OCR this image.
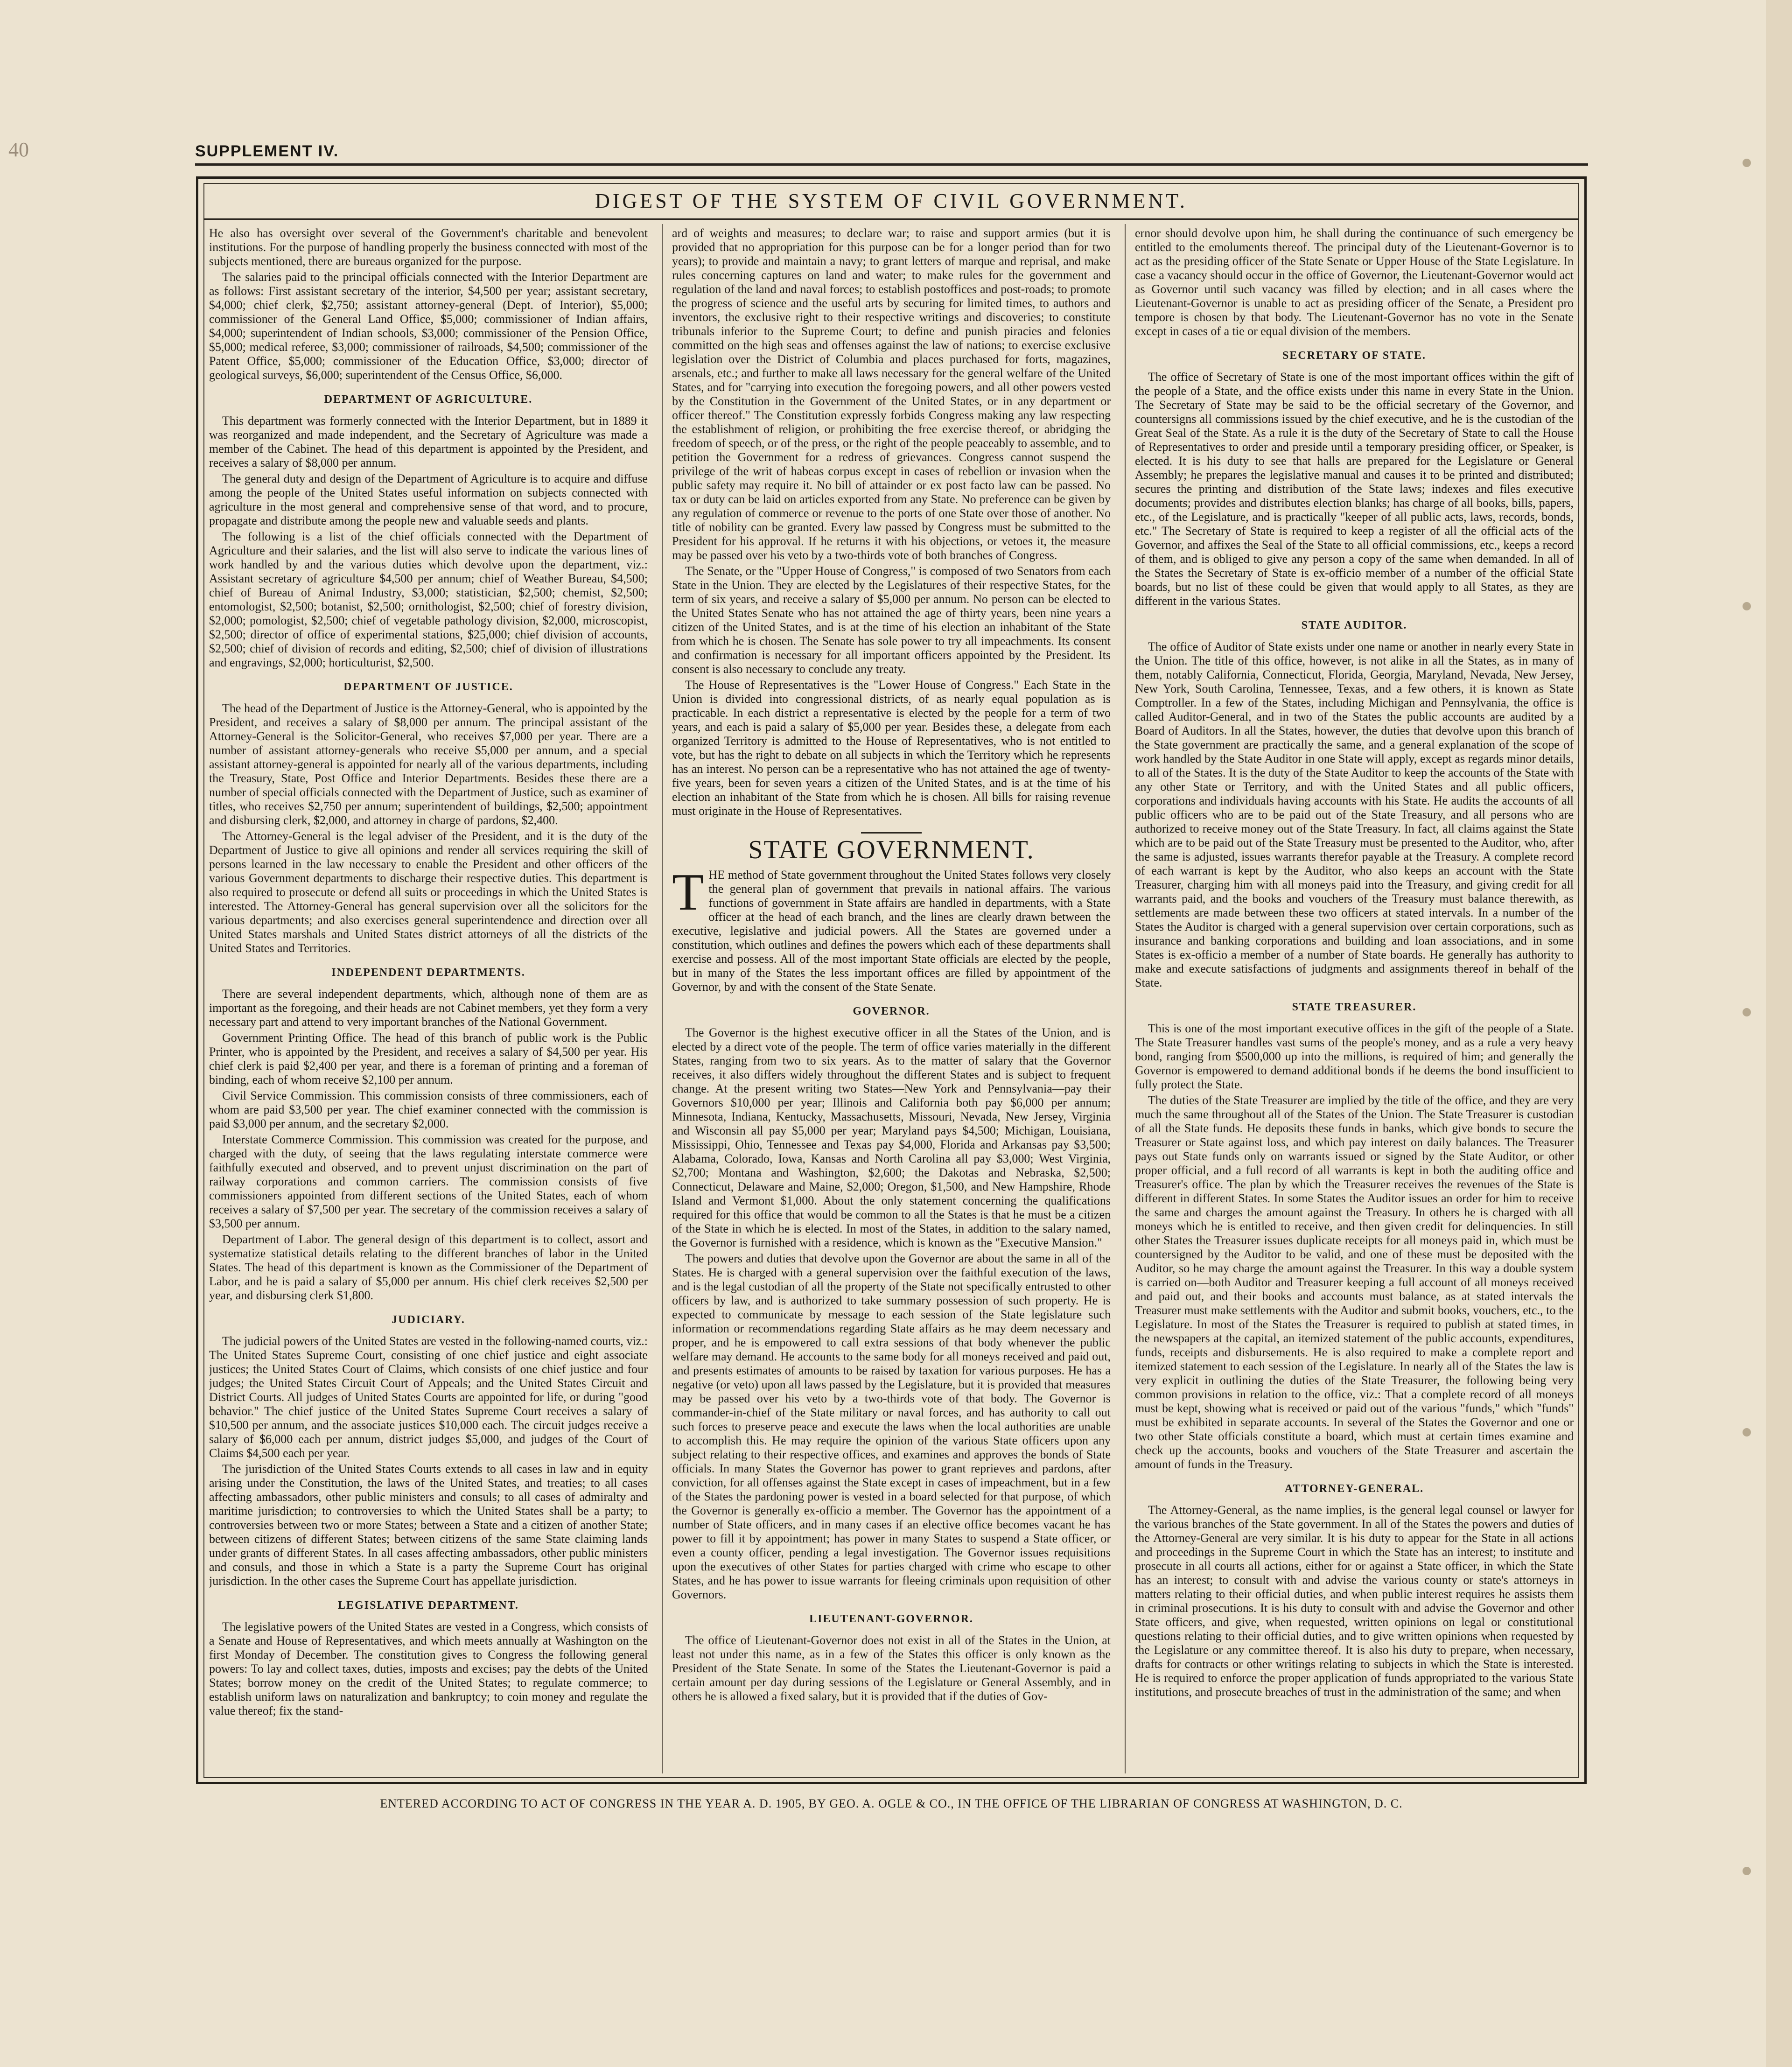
40	SUPPLEMENT IV.
DIGEST OF THE SYSTEM OF CIVIL GOVERNMENT.

He also has oversight over several of the Government's charitable and benevolent institutions. For the purpose of handling properly the business connected with most of the subjects mentioned, there are bureaus organized for the purpose.

The salaries paid to the principal officials connected with the Interior Department are as follows: First assistant secretary of the interior, $4,500 per year; assistant secretary, $4,000; chief clerk, $2,750; assistant attorney-general (Dept. of Interior), $5,000; commissioner of the General Land Office, $5,000; commissioner of Indian affairs, $4,000; superintendent of Indian schools, $3,000; commissioner of the Pension Office, $5,000; medical referee, $3,000; commissioner of railroads, $4,500; commissioner of the Patent Office, $5,000; commissioner of the Education Office, $3,000; director of geological surveys, $6,000; superintendent of the Census Office, $6,000.

DEPARTMENT OF AGRICULTURE.

This department was formerly connected with the Interior Department, but in 1889 it was reorganized and made independent, and the Secretary of Agriculture was made a member of the Cabinet. The head of this department is appointed by the President, and receives a salary of $8,000 per annum.

The general duty and design of the Department of Agriculture is to acquire and diffuse among the people of the United States useful information on subjects connected with agriculture in the most general and comprehensive sense of that word, and to procure, propagate and distribute among the people new and valuable seeds and plants.

The following is a list of the chief officials connected with the Department of Agriculture and their salaries, and the list will also serve to indicate the various lines of work handled by and the various duties which devolve upon the department, viz.: Assistant secretary of agriculture $4,500 per annum; chief of Weather Bureau, $4,500; chief of Bureau of Animal Industry, $3,000; statistician, $2,500; chemist, $2,500; entomologist, $2,500; botanist, $2,500; ornithologist, $2,500; chief of forestry division, $2,000; pomologist, $2,500; chief of vegetable pathology division, $2,000, microscopist, $2,500; director of office of experimental stations, $25,000; chief division of accounts, $2,500; chief of division of records and editing, $2,500; chief of division of illustrations and engravings, $2,000; horticulturist, $2,500.

DEPARTMENT OF JUSTICE.

The head of the Department of Justice is the Attorney-General, who is appointed by the President, and receives a salary of $8,000 per annum. The principal assistant of the Attorney-General is the Solicitor-General, who receives $7,000 per year. There are a number of assistant attorney-generals who receive $5,000 per annum, and a special assistant attorney-general is appointed for nearly all of the various departments, including the Treasury, State, Post Office and Interior Departments. Besides these there are a number of special officials connected with the Department of Justice, such as examiner of titles, who receives $2,750 per annum; superintendent of buildings, $2,500; appointment and disbursing clerk, $2,000, and attorney in charge of pardons, $2,400.

The Attorney-General is the legal adviser of the President, and it is the duty of the Department of Justice to give all opinions and render all services requiring the skill of persons learned in the law necessary to enable the President and other officers of the various Government departments to discharge their respective duties. This department is also required to prosecute or defend all suits or proceedings in which the United States is interested. The Attorney-General has general supervision over all the solicitors for the various departments; and also exercises general superintendence and direction over all United States marshals and United States district attorneys of all the districts of the United States and Territories.

INDEPENDENT DEPARTMENTS.

There are several independent departments, which, although none of them are as important as the foregoing, and their heads are not Cabinet members, yet they form a very necessary part and attend to very important branches of the National Government.

Government Printing Office. The head of this branch of public work is the Public Printer, who is appointed by the President, and receives a salary of $4,500 per year. His chief clerk is paid $2,400 per year, and there is a foreman of printing and a foreman of binding, each of whom receive $2,100 per annum.

Civil Service Commission. This commission consists of three commissioners, each of whom are paid $3,500 per year. The chief examiner connected with the commission is paid $3,000 per annum, and the secretary $2,000.

Interstate Commerce Commission. This commission was created for the purpose, and charged with the duty, of seeing that the laws regulating interstate commerce were faithfully executed and observed, and to prevent unjust discrimination on the part of railway corporations and common carriers. The commission consists of five commissioners appointed from different sections of the United States, each of whom receives a salary of $7,500 per year. The secretary of the commission receives a salary of $3,500 per annum.

Department of Labor. The general design of this department is to collect, assort and systematize statistical details relating to the different branches of labor in the United States. The head of this department is known as the Commissioner of the Department of Labor, and he is paid a salary of $5,000 per annum. His chief clerk receives $2,500 per year, and disbursing clerk $1,800.

JUDICIARY.

The judicial powers of the United States are vested in the following-named courts, viz.: The United States Supreme Court, consisting of one chief justice and eight associate justices; the United States Court of Claims, which consists of one chief justice and four judges; the United States Circuit Court of Appeals; and the United States Circuit and District Courts. All judges of United States Courts are appointed for life, or during "good behavior." The chief justice of the United States Supreme Court receives a salary of $10,500 per annum, and the associate justices $10,000 each. The circuit judges receive a salary of $6,000 each per annum, district judges $5,000, and judges of the Court of Claims $4,500 each per year.

The jurisdiction of the United States Courts extends to all cases in law and in equity arising under the Constitution, the laws of the United States, and treaties; to all cases affecting ambassadors, other public ministers and consuls; to all cases of admiralty and maritime jurisdiction; to controversies to which the United States shall be a party; to controversies between two or more States; between a State and a citizen of another State; between citizens of different States; between citizens of the same State claiming lands under grants of different States. In all cases affecting ambassadors, other public ministers and consuls, and those in which a State is a party the Supreme Court has original jurisdiction. In the other cases the Supreme Court has appellate jurisdiction.

LEGISLATIVE DEPARTMENT.

The legislative powers of the United States are vested in a Congress, which consists of a Senate and House of Representatives, and which meets annually at Washington on the first Monday of December. The constitution gives to Congress the following general powers: To lay and collect taxes, duties, imposts and excises; pay the debts of the United States; borrow money on the credit of the United States; to regulate commerce; to establish uniform laws on naturalization and bankruptcy; to coin money and regulate the value thereof; fix the stand-

ard of weights and measures; to declare war; to raise and support armies (but it is provided that no appropriation for this purpose can be for a longer period than for two years); to provide and maintain a navy; to grant letters of marque and reprisal, and make rules concerning captures on land and water; to make rules for the government and regulation of the land and naval forces; to establish postoffices and post-roads; to promote the progress of science and the useful arts by securing for limited times, to authors and inventors, the exclusive right to their respective writings and discoveries; to constitute tribunals inferior to the Supreme Court; to define and punish piracies and felonies committed on the high seas and offenses against the law of nations; to exercise exclusive legislation over the District of Columbia and places purchased for forts, magazines, arsenals, etc.; and further to make all laws necessary for the general welfare of the United States, and for "carrying into execution the foregoing powers, and all other powers vested by the Constitution in the Government of the United States, or in any department or officer thereof." The Constitution expressly forbids Congress making any law respecting the establishment of religion, or prohibiting the free exercise thereof, or abridging the freedom of speech, or of the press, or the right of the people peaceably to assemble, and to petition the Government for a redress of grievances. Congress cannot suspend the privilege of the writ of habeas corpus except in cases of rebellion or invasion when the public safety may require it. No bill of attainder or ex post facto law can be passed. No tax or duty can be laid on articles exported from any State. No preference can be given by any regulation of commerce or revenue to the ports of one State over those of another. No title of nobility can be granted. Every law passed by Congress must be submitted to the President for his approval. If he returns it with his objections, or vetoes it, the measure may be passed over his veto by a two-thirds vote of both branches of Congress.

The Senate, or the "Upper House of Congress," is composed of two Senators from each State in the Union. They are elected by the Legislatures of their respective States, for the term of six years, and receive a salary of $5,000 per annum. No person can be elected to the United States Senate who has not attained the age of thirty years, been nine years a citizen of the United States, and is at the time of his election an inhabitant of the State from which he is chosen. The Senate has sole power to try all impeachments. Its consent and confirmation is necessary for all important officers appointed by the President. Its consent is also necessary to conclude any treaty.

The House of Representatives is the "Lower House of Congress." Each State in the Union is divided into congressional districts, of as nearly equal population as is practicable. In each district a representative is elected by the people for a term of two years, and each is paid a salary of $5,000 per year. Besides these, a delegate from each organized Territory is admitted to the House of Representatives, who is not entitled to vote, but has the right to debate on all subjects in which the Territory which he represents has an interest. No person can be a representative who has not attained the age of twenty-five years, been for seven years a citizen of the United States, and is at the time of his election an inhabitant of the State from which he is chosen. All bills for raising revenue must originate in the House of Representatives.

STATE GOVERNMENT.

THE method of State government throughout the United States follows very closely the general plan of government that prevails in national affairs. The various functions of government in State affairs are handled in departments, with a State officer at the head of each branch, and the lines are clearly drawn between the executive, legislative and judicial powers. All the States are governed under a constitution, which outlines and defines the powers which each of these departments shall exercise and possess. All of the most important State officials are elected by the people, but in many of the States the less important offices are filled by appointment of the Governor, by and with the consent of the State Senate.

GOVERNOR.

The Governor is the highest executive officer in all the States of the Union, and is elected by a direct vote of the people. The term of office varies materially in the different States, ranging from two to six years. As to the matter of salary that the Governor receives, it also differs widely throughout the different States and is subject to frequent change. At the present writing two States—New York and Pennsylvania—pay their Governors $10,000 per year; Illinois and California both pay $6,000 per annum; Minnesota, Indiana, Kentucky, Massachusetts, Missouri, Nevada, New Jersey, Virginia and Wisconsin all pay $5,000 per year; Maryland pays $4,500; Michigan, Louisiana, Mississippi, Ohio, Tennessee and Texas pay $4,000, Florida and Arkansas pay $3,500; Alabama, Colorado, Iowa, Kansas and North Carolina all pay $3,000; West Virginia, $2,700; Montana and Washington, $2,600; the Dakotas and Nebraska, $2,500; Connecticut, Delaware and Maine, $2,000; Oregon, $1,500, and New Hampshire, Rhode Island and Vermont $1,000. About the only statement concerning the qualifications required for this office that would be common to all the States is that he must be a citizen of the State in which he is elected. In most of the States, in addition to the salary named, the Governor is furnished with a residence, which is known as the "Executive Mansion."

The powers and duties that devolve upon the Governor are about the same in all of the States. He is charged with a general supervision over the faithful execution of the laws, and is the legal custodian of all the property of the State not specifically entrusted to other officers by law, and is authorized to take summary possession of such property. He is expected to communicate by message to each session of the State legislature such information or recommendations regarding State affairs as he may deem necessary and proper, and he is empowered to call extra sessions of that body whenever the public welfare may demand. He accounts to the same body for all moneys received and paid out, and presents estimates of amounts to be raised by taxation for various purposes. He has a negative (or veto) upon all laws passed by the Legislature, but it is provided that measures may be passed over his veto by a two-thirds vote of that body. The Governor is commander-in-chief of the State military or naval forces, and has authority to call out such forces to preserve peace and execute the laws when the local authorities are unable to accomplish this. He may require the opinion of the various State officers upon any subject relating to their respective offices, and examines and approves the bonds of State officials. In many States the Governor has power to grant reprieves and pardons, after conviction, for all offenses against the State except in cases of impeachment, but in a few of the States the pardoning power is vested in a board selected for that purpose, of which the Governor is generally ex-officio a member. The Governor has the appointment of a number of State officers, and in many cases if an elective office becomes vacant he has power to fill it by appointment; has power in many States to suspend a State officer, or even a county officer, pending a legal investigation. The Governor issues requisitions upon the executives of other States for parties charged with crime who escape to other States, and he has power to issue warrants for fleeing criminals upon requisition of other Governors.

LIEUTENANT-GOVERNOR.

The office of Lieutenant-Governor does not exist in all of the States in the Union, at least not under this name, as in a few of the States this officer is only known as the President of the State Senate. In some of the States the Lieutenant-Governor is paid a certain amount per day during sessions of the Legislature or General Assembly, and in others he is allowed a fixed salary, but it is provided that if the duties of Gov-

ernor should devolve upon him, he shall during the continuance of such emergency be entitled to the emoluments thereof. The principal duty of the Lieutenant-Governor is to act as the presiding officer of the State Senate or Upper House of the State Legislature. In case a vacancy should occur in the office of Governor, the Lieutenant-Governor would act as Governor until such vacancy was filled by election; and in all cases where the Lieutenant-Governor is unable to act as presiding officer of the Senate, a President pro tempore is chosen by that body. The Lieutenant-Governor has no vote in the Senate except in cases of a tie or equal division of the members.

SECRETARY OF STATE.

The office of Secretary of State is one of the most important offices within the gift of the people of a State, and the office exists under this name in every State in the Union. The Secretary of State may be said to be the official secretary of the Governor, and countersigns all commissions issued by the chief executive, and he is the custodian of the Great Seal of the State. As a rule it is the duty of the Secretary of State to call the House of Representatives to order and preside until a temporary presiding officer, or Speaker, is elected. It is his duty to see that halls are prepared for the Legislature or General Assembly; he prepares the legislative manual and causes it to be printed and distributed; secures the printing and distribution of the State laws; indexes and files executive documents; provides and distributes election blanks; has charge of all books, bills, papers, etc., of the Legislature, and is practically "keeper of all public acts, laws, records, bonds, etc." The Secretary of State is required to keep a register of all the official acts of the Governor, and affixes the Seal of the State to all official commissions, etc., keeps a record of them, and is obliged to give any person a copy of the same when demanded. In all of the States the Secretary of State is ex-officio member of a number of the official State boards, but no list of these could be given that would apply to all States, as they are different in the various States.

STATE AUDITOR.

The office of Auditor of State exists under one name or another in nearly every State in the Union. The title of this office, however, is not alike in all the States, as in many of them, notably California, Connecticut, Florida, Georgia, Maryland, Nevada, New Jersey, New York, South Carolina, Tennessee, Texas, and a few others, it is known as State Comptroller. In a few of the States, including Michigan and Pennsylvania, the office is called Auditor-General, and in two of the States the public accounts are audited by a Board of Auditors. In all the States, however, the duties that devolve upon this branch of the State government are practically the same, and a general explanation of the scope of work handled by the State Auditor in one State will apply, except as regards minor details, to all of the States. It is the duty of the State Auditor to keep the accounts of the State with any other State or Territory, and with the United States and all public officers, corporations and individuals having accounts with his State. He audits the accounts of all public officers who are to be paid out of the State Treasury, and all persons who are authorized to receive money out of the State Treasury. In fact, all claims against the State which are to be paid out of the State Treasury must be presented to the Auditor, who, after the same is adjusted, issues warrants therefor payable at the Treasury. A complete record of each warrant is kept by the Auditor, who also keeps an account with the State Treasurer, charging him with all moneys paid into the Treasury, and giving credit for all warrants paid, and the books and vouchers of the Treasury must balance therewith, as settlements are made between these two officers at stated intervals. In a number of the States the Auditor is charged with a general supervision over certain corporations, such as insurance and banking corporations and building and loan associations, and in some States is ex-officio a member of a number of State boards. He generally has authority to make and execute satisfactions of judgments and assignments thereof in behalf of the State.

STATE TREASURER.

This is one of the most important executive offices in the gift of the people of a State. The State Treasurer handles vast sums of the people's money, and as a rule a very heavy bond, ranging from $500,000 up into the millions, is required of him; and generally the Governor is empowered to demand additional bonds if he deems the bond insufficient to fully protect the State.

The duties of the State Treasurer are implied by the title of the office, and they are very much the same throughout all of the States of the Union. The State Treasurer is custodian of all the State funds. He deposits these funds in banks, which give bonds to secure the Treasurer or State against loss, and which pay interest on daily balances. The Treasurer pays out State funds only on warrants issued or signed by the State Auditor, or other proper official, and a full record of all warrants is kept in both the auditing office and Treasurer's office. The plan by which the Treasurer receives the revenues of the State is different in different States. In some States the Auditor issues an order for him to receive the same and charges the amount against the Treasury. In others he is charged with all moneys which he is entitled to receive, and then given credit for delinquencies. In still other States the Treasurer issues duplicate receipts for all moneys paid in, which must be countersigned by the Auditor to be valid, and one of these must be deposited with the Auditor, so he may charge the amount against the Treasurer. In this way a double system is carried on—both Auditor and Treasurer keeping a full account of all moneys received and paid out, and their books and accounts must balance, as at stated intervals the Treasurer must make settlements with the Auditor and submit books, vouchers, etc., to the Legislature. In most of the States the Treasurer is required to publish at stated times, in the newspapers at the capital, an itemized statement of the public accounts, expenditures, funds, receipts and disbursements. He is also required to make a complete report and itemized statement to each session of the Legislature. In nearly all of the States the law is very explicit in outlining the duties of the State Treasurer, the following being very common provisions in relation to the office, viz.: That a complete record of all moneys must be kept, showing what is received or paid out of the various "funds," which "funds" must be exhibited in separate accounts. In several of the States the Governor and one or two other State officials constitute a board, which must at certain times examine and check up the accounts, books and vouchers of the State Treasurer and ascertain the amount of funds in the Treasury.

ATTORNEY-GENERAL.

The Attorney-General, as the name implies, is the general legal counsel or lawyer for the various branches of the State government. In all of the States the powers and duties of the Attorney-General are very similar. It is his duty to appear for the State in all actions and proceedings in the Supreme Court in which the State has an interest; to institute and prosecute in all courts all actions, either for or against a State officer, in which the State has an interest; to consult with and advise the various county or state's attorneys in matters relating to their official duties, and when public interest requires he assists them in criminal prosecutions. It is his duty to consult with and advise the Governor and other State officers, and give, when requested, written opinions on legal or constitutional questions relating to their official duties, and to give written opinions when requested by the Legislature or any committee thereof. It is also his duty to prepare, when necessary, drafts for contracts or other writings relating to subjects in which the State is interested. He is required to enforce the proper application of funds appropriated to the various State institutions, and prosecute breaches of trust in the administration of the same; and when

ENTERED ACCORDING TO ACT OF CONGRESS IN THE YEAR A. D. 1905, BY GEO. A. OGLE & CO., IN THE OFFICE OF THE LIBRARIAN OF CONGRESS AT WASHINGTON, D. C.
